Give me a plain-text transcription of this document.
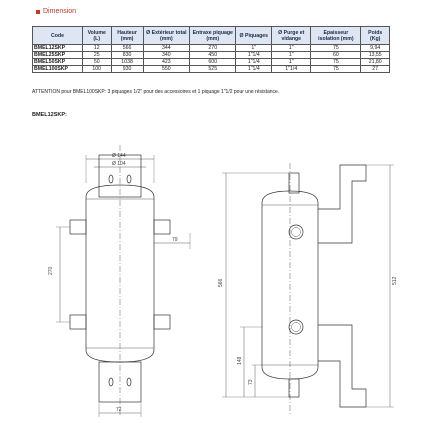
Dimension
Code	Volume (L)	Hauteur (mm)	Ø Extérieur total (mm)	Entraxe piquage (mm)	Ø Piquages	Ø Purge et vidange	Epaisseur isolation (mm)	Poids (Kg)
BMEL12SKP	12	566	344	270	1"	1"	75	9,94
BMEL25SKP	25	830	340	450	1"1/4	1"	60	13,55
BMEL50SKP	50	1038	423	600	1"1/4	1"	75	21,80
BMEL100SKP	100	930	550	525	1"1/4	1"1/4	75	27
ATTENTION pour BMEL100SKP: 3 piquages 1/2" pour des accessoires et 1 piquage 1"1/2 pour une résistance.
BMEL12SKP:
Ø 144
Ø 104
270
79
72
566
148
73
512
